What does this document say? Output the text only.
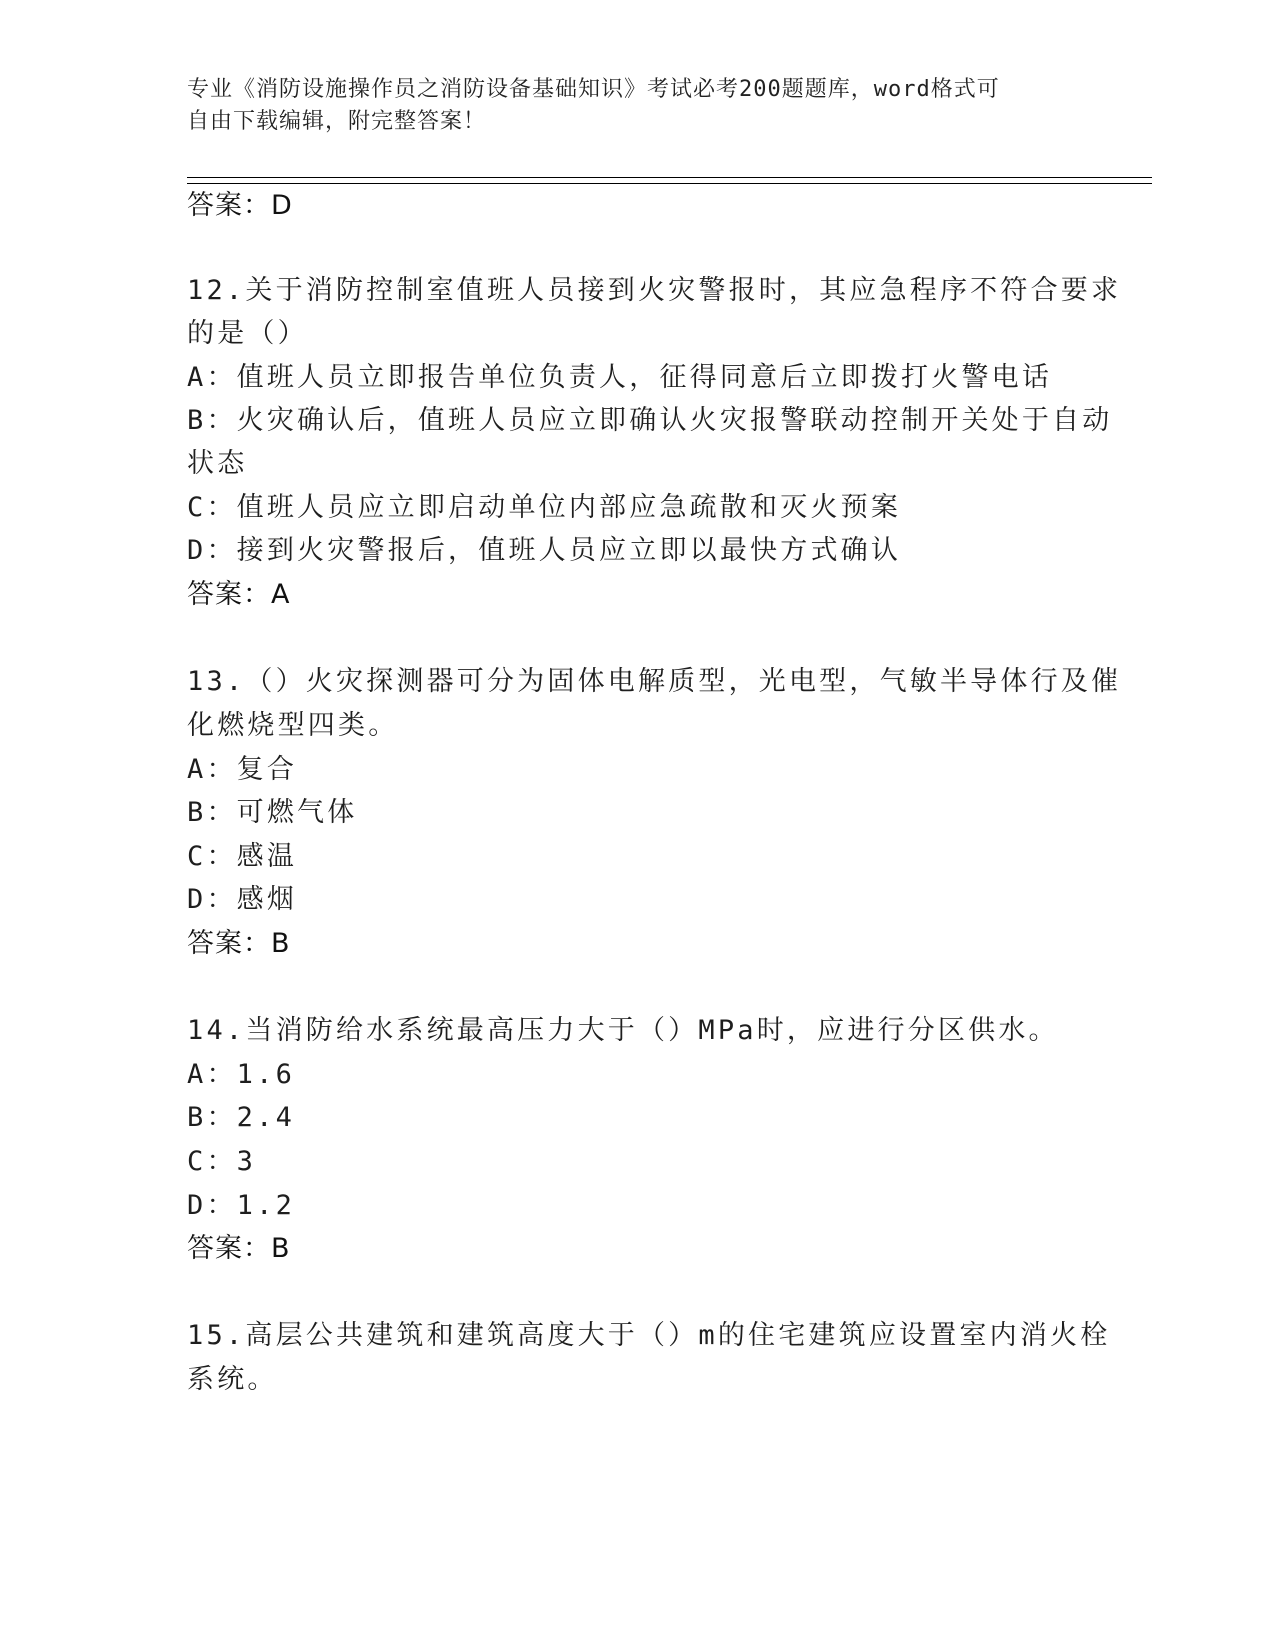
专业《消防设施操作员之消防设备基础知识》考试必考200题题库，word格式可
自由下载编辑，附完整答案！
答案：D
12.关于消防控制室值班人员接到火灾警报时，其应急程序不符合要求
的是（）
A：值班人员立即报告单位负责人，征得同意后立即拨打火警电话
B：火灾确认后，值班人员应立即确认火灾报警联动控制开关处于自动
状态
C：值班人员应立即启动单位内部应急疏散和灭火预案
D：接到火灾警报后，值班人员应立即以最快方式确认
答案：A
13.（）火灾探测器可分为固体电解质型，光电型，气敏半导体行及催
化燃烧型四类。
A：复合
B：可燃气体
C：感温
D：感烟
答案：B
14.当消防给水系统最高压力大于（）MPa时，应进行分区供水。
A：1.6
B：2.4
C：3
D：1.2
答案：B
15.高层公共建筑和建筑高度大于（）m的住宅建筑应设置室内消火栓
系统。
